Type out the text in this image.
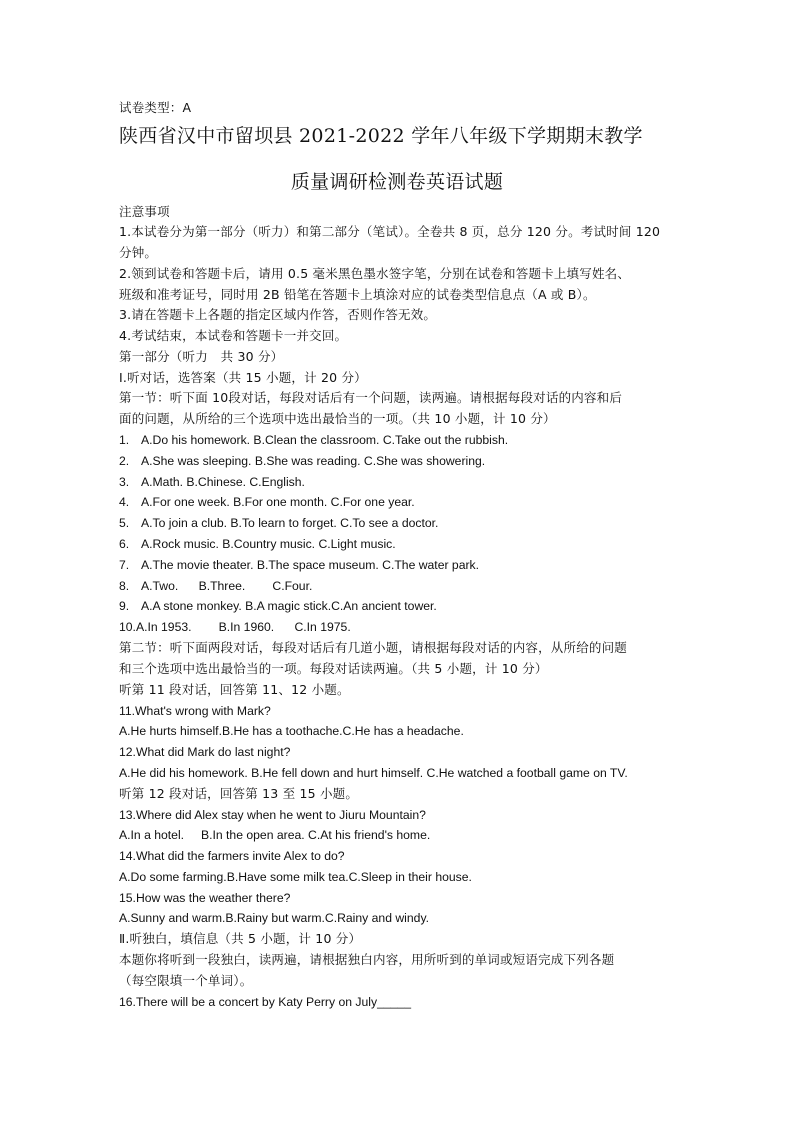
试卷类型：A
陕西省汉中市留坝县 2021-2022 学年八年级下学期期末教学
质量调研检测卷英语试题
注意事项
1.本试卷分为第一部分（听力）和第二部分（笔试）。全卷共 8 页，总分 120 分。考试时间 120
分钟。
2.领到试卷和答题卡后，请用 0.5 毫米黑色墨水签字笔，分别在试卷和答题卡上填写姓名、
班级和准考证号，同时用 2B 铅笔在答题卡上填涂对应的试卷类型信息点（A 或 B）。
3.请在答题卡上各题的指定区域内作答，否则作答无效。
4.考试结束，本试卷和答题卡一并交回。
第一部分（听力　共 30 分）
Ⅰ.听对话，选答案（共 15 小题，计 20 分）
第一节：听下面 10段对话，每段对话后有一个问题，读两遍。请根据每段对话的内容和后
面的问题，从所给的三个选项中选出最恰当的一项。（共 10 小题，计 10 分）
1. A.Do his homework. B.Clean the classroom. C.Take out the rubbish.
2. A.She was sleeping. B.She was reading. C.She was showering.
3. A.Math. B.Chinese. C.English.
4. A.For one week. B.For one month. C.For one year.
5. A.To join a club. B.To learn to forget. C.To see a doctor.
6. A.Rock music. B.Country music. C.Light music.
7. A.The movie theater. B.The space museum. C.The water park.
8. A.Two.      B.Three.        C.Four.
9. A.A stone monkey. B.A magic stick.C.An ancient tower.
10.A.In 1953.        B.In 1960.      C.In 1975.
第二节：听下面两段对话，每段对话后有几道小题，请根据每段对话的内容，从所给的问题
和三个选项中选出最恰当的一项。每段对话读两遍。（共 5 小题，计 10 分）
听第 11 段对话，回答第 11、12 小题。
11.What's wrong with Mark?
A.He hurts himself.B.He has a toothache.C.He has a headache.
12.What did Mark do last night?
A.He did his homework. B.He fell down and hurt himself. C.He watched a football game on TV.
听第 12 段对话，回答第 13 至 15 小题。
13.Where did Alex stay when he went to Jiuru Mountain?
A.In a hotel.     B.In the open area. C.At his friend's home.
14.What did the farmers invite Alex to do?
A.Do some farming.B.Have some milk tea.C.Sleep in their house.
15.How was the weather there?
A.Sunny and warm.B.Rainy but warm.C.Rainy and windy.
Ⅱ.听独白，填信息（共 5 小题，计 10 分）
本题你将听到一段独白，读两遍，请根据独白内容，用所听到的单词或短语完成下列各题
（每空限填一个单词）。
16.There will be a concert by Katy Perry on July_____
